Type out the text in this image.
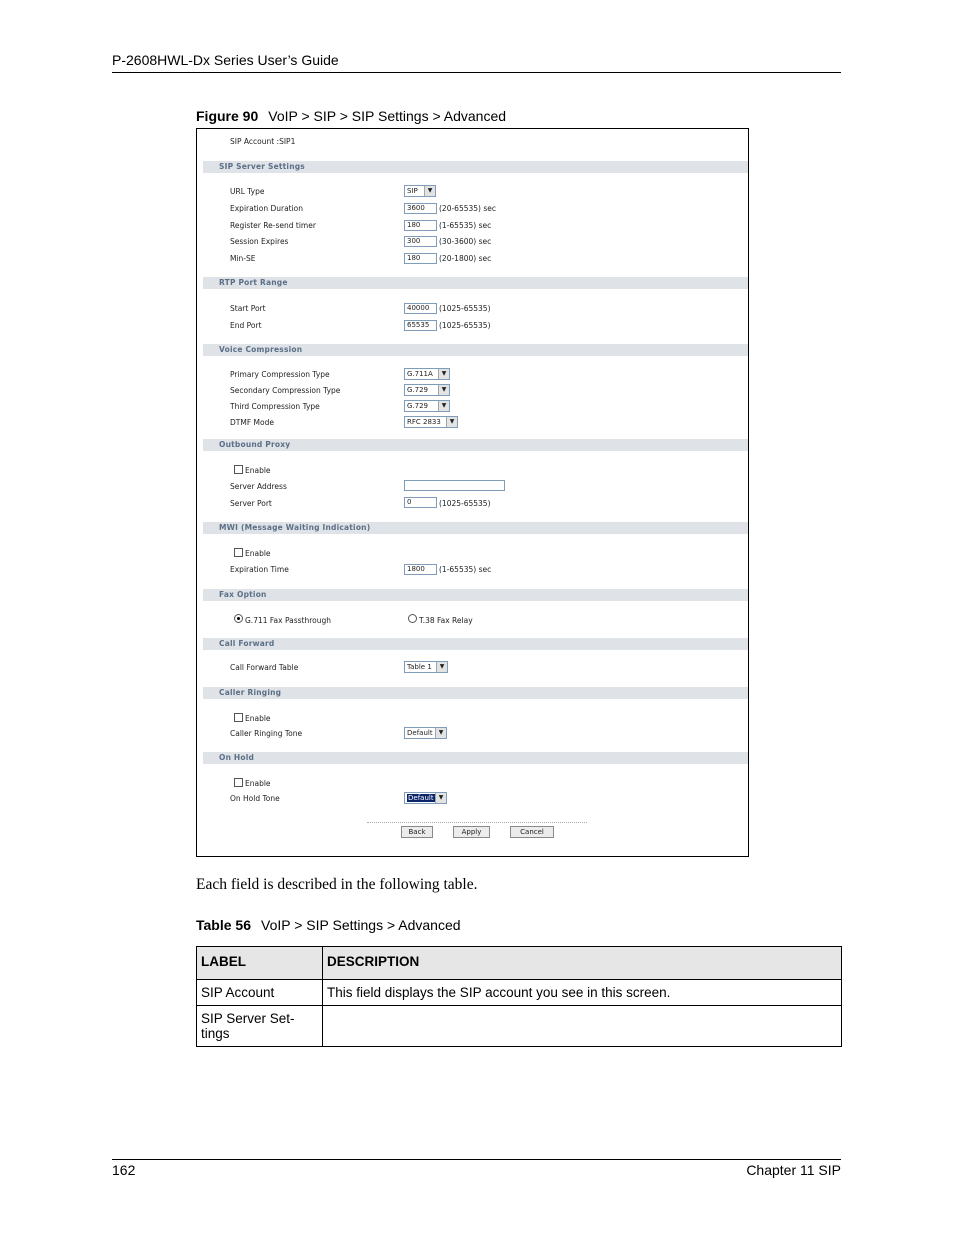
P-2608HWL-Dx Series User’s Guide
Figure 90 VoIP > SIP > SIP Settings > Advanced
SIP Account :SIP1
SIP Server Settings
URL Type	SIP	▼
Expiration Duration	3600	(20-65535) sec
Register Re-send timer	180	(1-65535) sec
Session Expires	300	(30-3600) sec
Min-SE	180	(20-1800) sec
RTP Port Range
Start Port	40000	(1025-65535)
End Port	65535	(1025-65535)
Voice Compression
Primary Compression Type	G.711A	▼
Secondary Compression Type	G.729	▼
Third Compression Type	G.729	▼
DTMF Mode	RFC 2833	▼
Outbound Proxy
Enable
Server Address
Server Port	0	(1025-65535)
MWI (Message Waiting Indication)
Enable
Expiration Time	1800	(1-65535) sec
Fax Option
G.711 Fax Passthrough	T.38 Fax Relay
Call Forward
Call Forward Table	Table 1	▼
Caller Ringing
Enable
Caller Ringing Tone	Default	▼
On Hold
Enable
On Hold Tone	Default ▼
Back	Apply	Cancel
Each field is described in the following table.
Table 56 VoIP > SIP Settings > Advanced
LABEL	DESCRIPTION
SIP Account	This field displays the SIP account you see in this screen.
SIP Server Set-
tings	
162	Chapter 11 SIP
